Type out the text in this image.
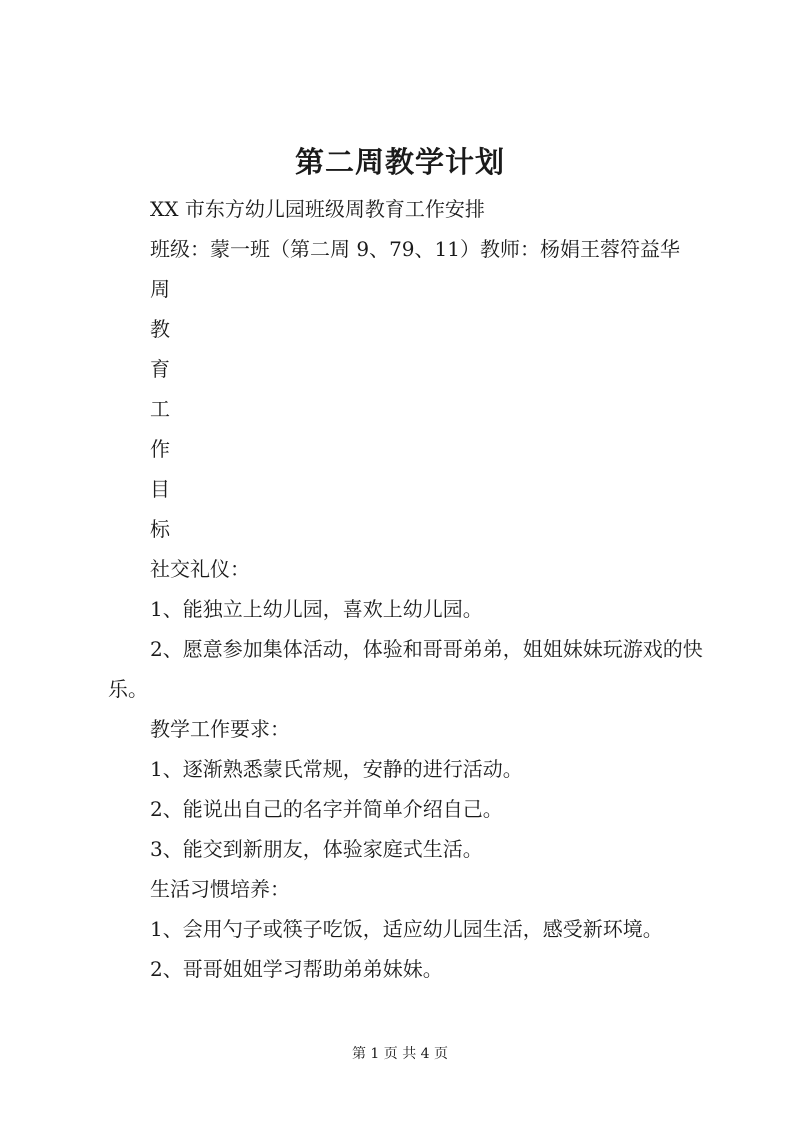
第二周教学计划
XX 市东方幼儿园班级周教育工作安排
班级：蒙一班（第二周 9、79、11）教师：杨娟王蓉符益华
周
教
育
工
作
目
标
社交礼仪：
1、能独立上幼儿园，喜欢上幼儿园。
2、愿意参加集体活动，体验和哥哥弟弟，姐姐妹妹玩游戏的快乐。
教学工作要求：
1、逐渐熟悉蒙氏常规，安静的进行活动。
2、能说出自己的名字并简单介绍自己。
3、能交到新朋友，体验家庭式生活。
生活习惯培养：
1、会用勺子或筷子吃饭，适应幼儿园生活，感受新环境。
2、哥哥姐姐学习帮助弟弟妹妹。
第 1 页 共 4 页
